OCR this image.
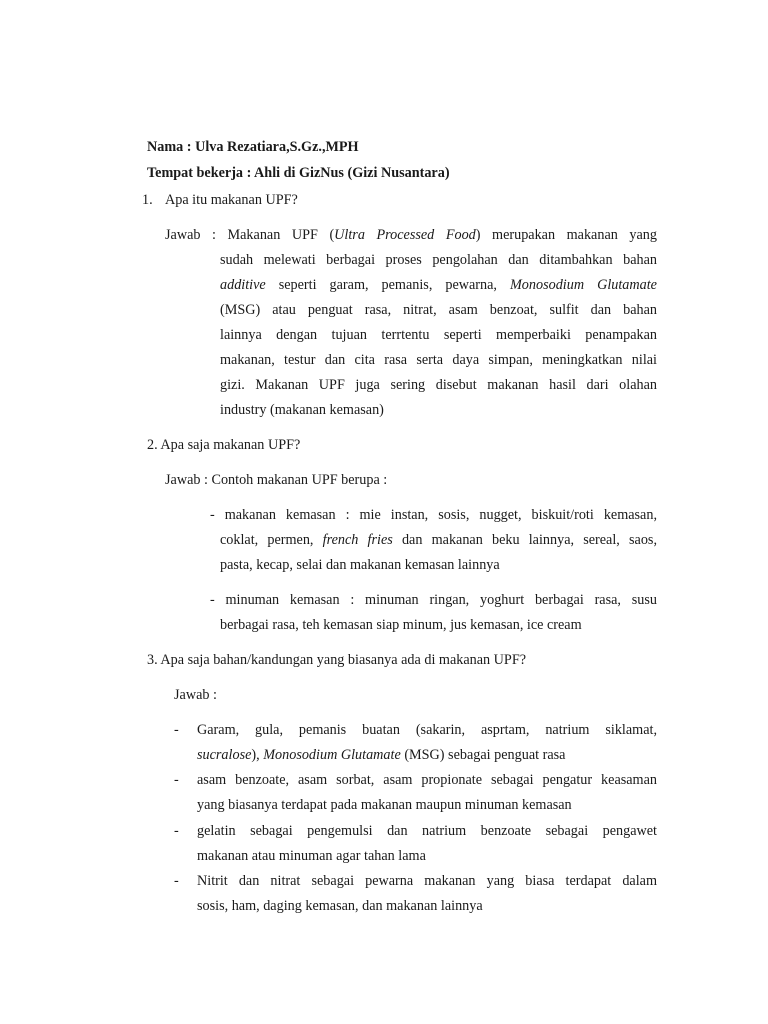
Nama : Ulva Rezatiara,S.Gz.,MPH
Tempat bekerja : Ahli di GizNus (Gizi Nusantara)
1. Apa itu makanan UPF?
Jawab : Makanan UPF (Ultra Processed Food) merupakan makanan yang
sudah melewati berbagai proses pengolahan dan ditambahkan bahan
additive seperti garam, pemanis, pewarna, Monosodium Glutamate
(MSG) atau penguat rasa, nitrat, asam benzoat, sulfit dan bahan
lainnya dengan tujuan terrtentu seperti memperbaiki penampakan
makanan, testur dan cita rasa serta daya simpan, meningkatkan nilai
gizi. Makanan UPF juga sering disebut makanan hasil dari olahan
industry (makanan kemasan)
2. Apa saja makanan UPF?
Jawab : Contoh makanan UPF berupa :
- makanan kemasan : mie instan, sosis, nugget, biskuit/roti kemasan,
coklat, permen, french fries dan makanan beku lainnya, sereal, saos,
pasta, kecap, selai dan makanan kemasan lainnya
- minuman kemasan : minuman ringan, yoghurt berbagai rasa, susu
berbagai rasa, teh kemasan siap minum, jus kemasan, ice cream
3. Apa saja bahan/kandungan yang biasanya ada di makanan UPF?
Jawab :
- Garam, gula, pemanis buatan (sakarin, asprtam, natrium siklamat,
sucralose), Monosodium Glutamate (MSG) sebagai penguat rasa
- asam benzoate, asam sorbat, asam propionate sebagai pengatur keasaman
yang biasanya terdapat pada makanan maupun minuman kemasan
- gelatin sebagai pengemulsi dan natrium benzoate sebagai pengawet
makanan atau minuman agar tahan lama
- Nitrit dan nitrat sebagai pewarna makanan yang biasa terdapat dalam
sosis, ham, daging kemasan, dan makanan lainnya
